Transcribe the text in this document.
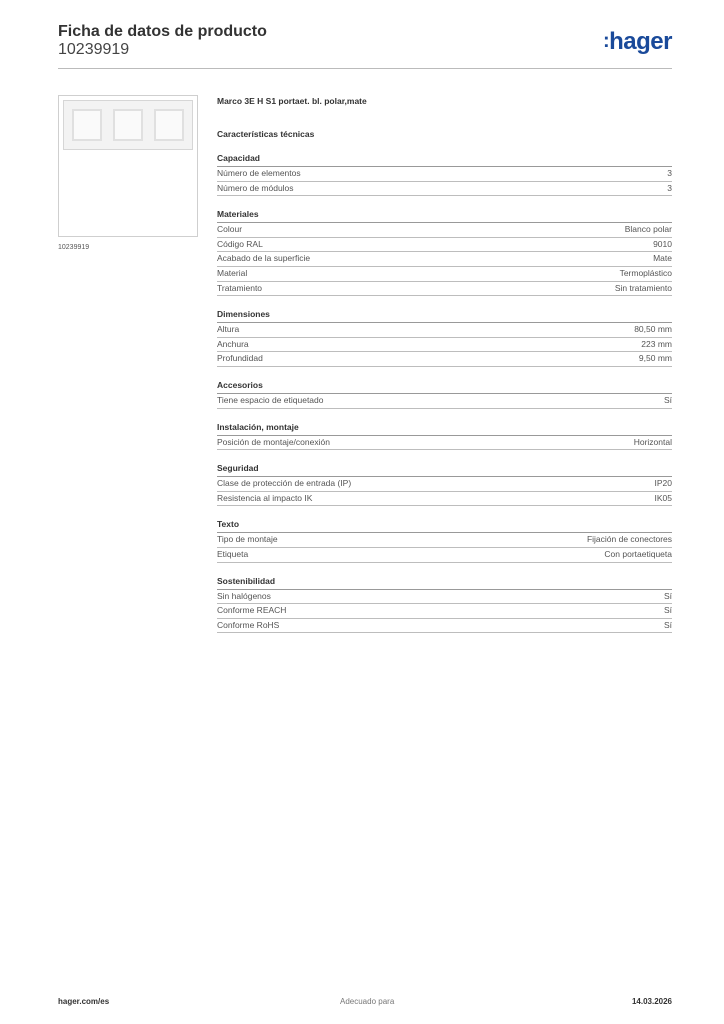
Ficha de datos de producto
10239919	:hager
10239919
Marco 3E H S1 portaet. bl. polar,mate
Características técnicas
Capacidad
Número de elementos	3
Número de módulos	3
Materiales
Colour	Blanco polar
Código RAL	9010
Acabado de la superficie	Mate
Material	Termoplástico
Tratamiento	Sin tratamiento
Dimensiones
Altura	80,50 mm
Anchura	223 mm
Profundidad	9,50 mm
Accesorios
Tiene espacio de etiquetado	Sí
Instalación, montaje
Posición de montaje/conexión	Horizontal
Seguridad
Clase de protección de entrada (IP)	IP20
Resistencia al impacto IK	IK05
Texto
Tipo de montaje	Fijación de conectores
Etiqueta	Con portaetiqueta
Sostenibilidad
Sin halógenos	Sí
Conforme REACH	Sí
Conforme RoHS	Sí
hager.com/es	Adecuado para	14.03.2026
